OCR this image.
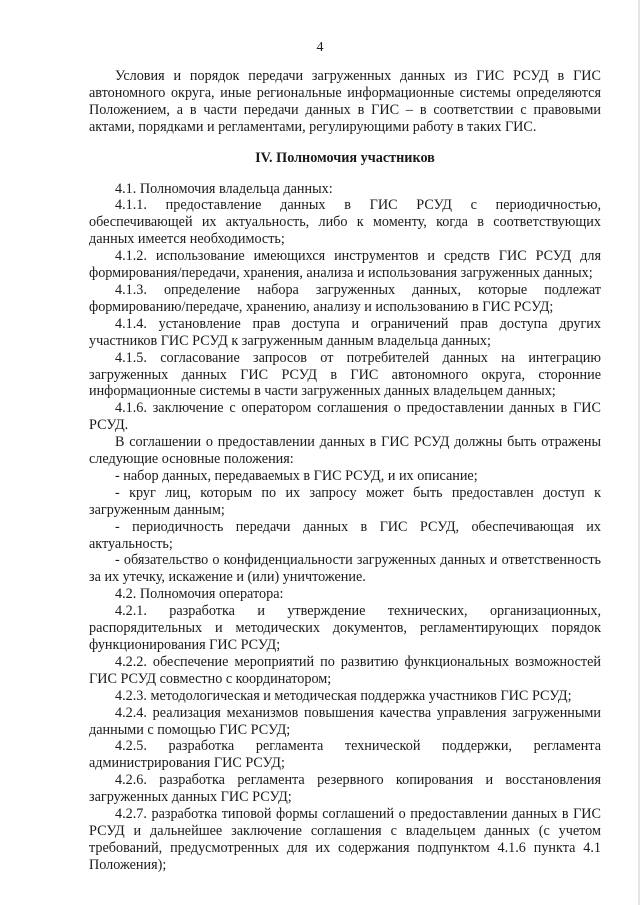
4

Условия и порядок передачи загруженных данных из ГИС РСУД в ГИС автономного округа, иные региональные информационные системы определяются Положением, а в части передачи данных в ГИС – в соответствии с правовыми актами, порядками и регламентами, регулирующими работу в таких ГИС.

IV. Полномочия участников

4.1. Полномочия владельца данных:

4.1.1. предоставление данных в ГИС РСУД с периодичностью, обеспечивающей их актуальность, либо к моменту, когда в соответствующих данных имеется необходимость;

4.1.2. использование имеющихся инструментов и средств ГИС РСУД для формирования/передачи, хранения, анализа и использования загруженных данных;

4.1.3. определение набора загруженных данных, которые подлежат формированию/передаче, хранению, анализу и использованию в ГИС РСУД;

4.1.4. установление прав доступа и ограничений прав доступа других участников ГИС РСУД к загруженным данным владельца данных;

4.1.5. согласование запросов от потребителей данных на интеграцию загруженных данных ГИС РСУД в ГИС автономного округа, сторонние информационные системы в части загруженных данных владельцем данных;

4.1.6. заключение с оператором соглашения о предоставлении данных в ГИС РСУД.

В соглашении о предоставлении данных в ГИС РСУД должны быть отражены следующие основные положения:

- набор данных, передаваемых в ГИС РСУД, и их описание;

- круг лиц, которым по их запросу может быть предоставлен доступ к загруженным данным;

- периодичность передачи данных в ГИС РСУД, обеспечивающая их актуальность;

- обязательство о конфиденциальности загруженных данных и ответственность за их утечку, искажение и (или) уничтожение.

4.2. Полномочия оператора:

4.2.1. разработка и утверждение технических, организационных, распорядительных и методических документов, регламентирующих порядок функционирования ГИС РСУД;

4.2.2. обеспечение мероприятий по развитию функциональных возможностей ГИС РСУД совместно с координатором;

4.2.3. методологическая и методическая поддержка участников ГИС РСУД;

4.2.4. реализация механизмов повышения качества управления загруженными данными с помощью ГИС РСУД;

4.2.5. разработка регламента технической поддержки, регламента администрирования ГИС РСУД;

4.2.6. разработка регламента резервного копирования и восстановления загруженных данных ГИС РСУД;

4.2.7. разработка типовой формы соглашений о предоставлении данных в ГИС РСУД и дальнейшее заключение соглашения с владельцем данных (с учетом требований, предусмотренных для их содержания подпунктом 4.1.6 пункта 4.1 Положения);
